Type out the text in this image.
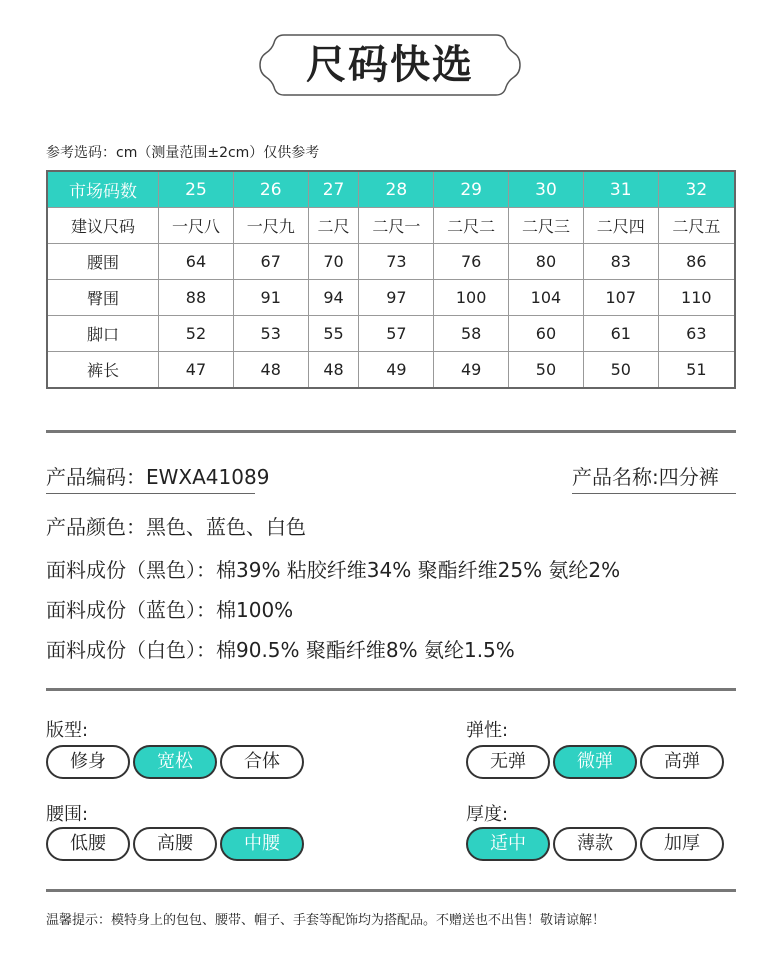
尺码快选
参考选码：cm（测量范围±2cm）仅供参考
市场码数	25	26	27	28	29	30	31	32
建议尺码	一尺八	一尺九	二尺	二尺一	二尺二	二尺三	二尺四	二尺五
腰围	64	67	70	73	76	80	83	86
臀围	88	91	94	97	100	104	107	110
脚口	52	53	55	57	58	60	61	63
裤长	47	48	48	49	49	50	50	51
产品编码：EWXA41089	产品名称:四分裤
产品颜色：黑色、蓝色、白色
面料成份（黑色）：棉39% 粘胶纤维34% 聚酯纤维25% 氨纶2%
面料成份（蓝色）：棉100%
面料成份（白色）：棉90.5% 聚酯纤维8% 氨纶1.5%
版型:
修身	宽松	合体
弹性:
无弹	微弹	高弹
腰围:
低腰	高腰	中腰
厚度:
适中	薄款	加厚
温馨提示：模特身上的包包、腰带、帽子、手套等配饰均为搭配品。不赠送也不出售！敬请谅解！
